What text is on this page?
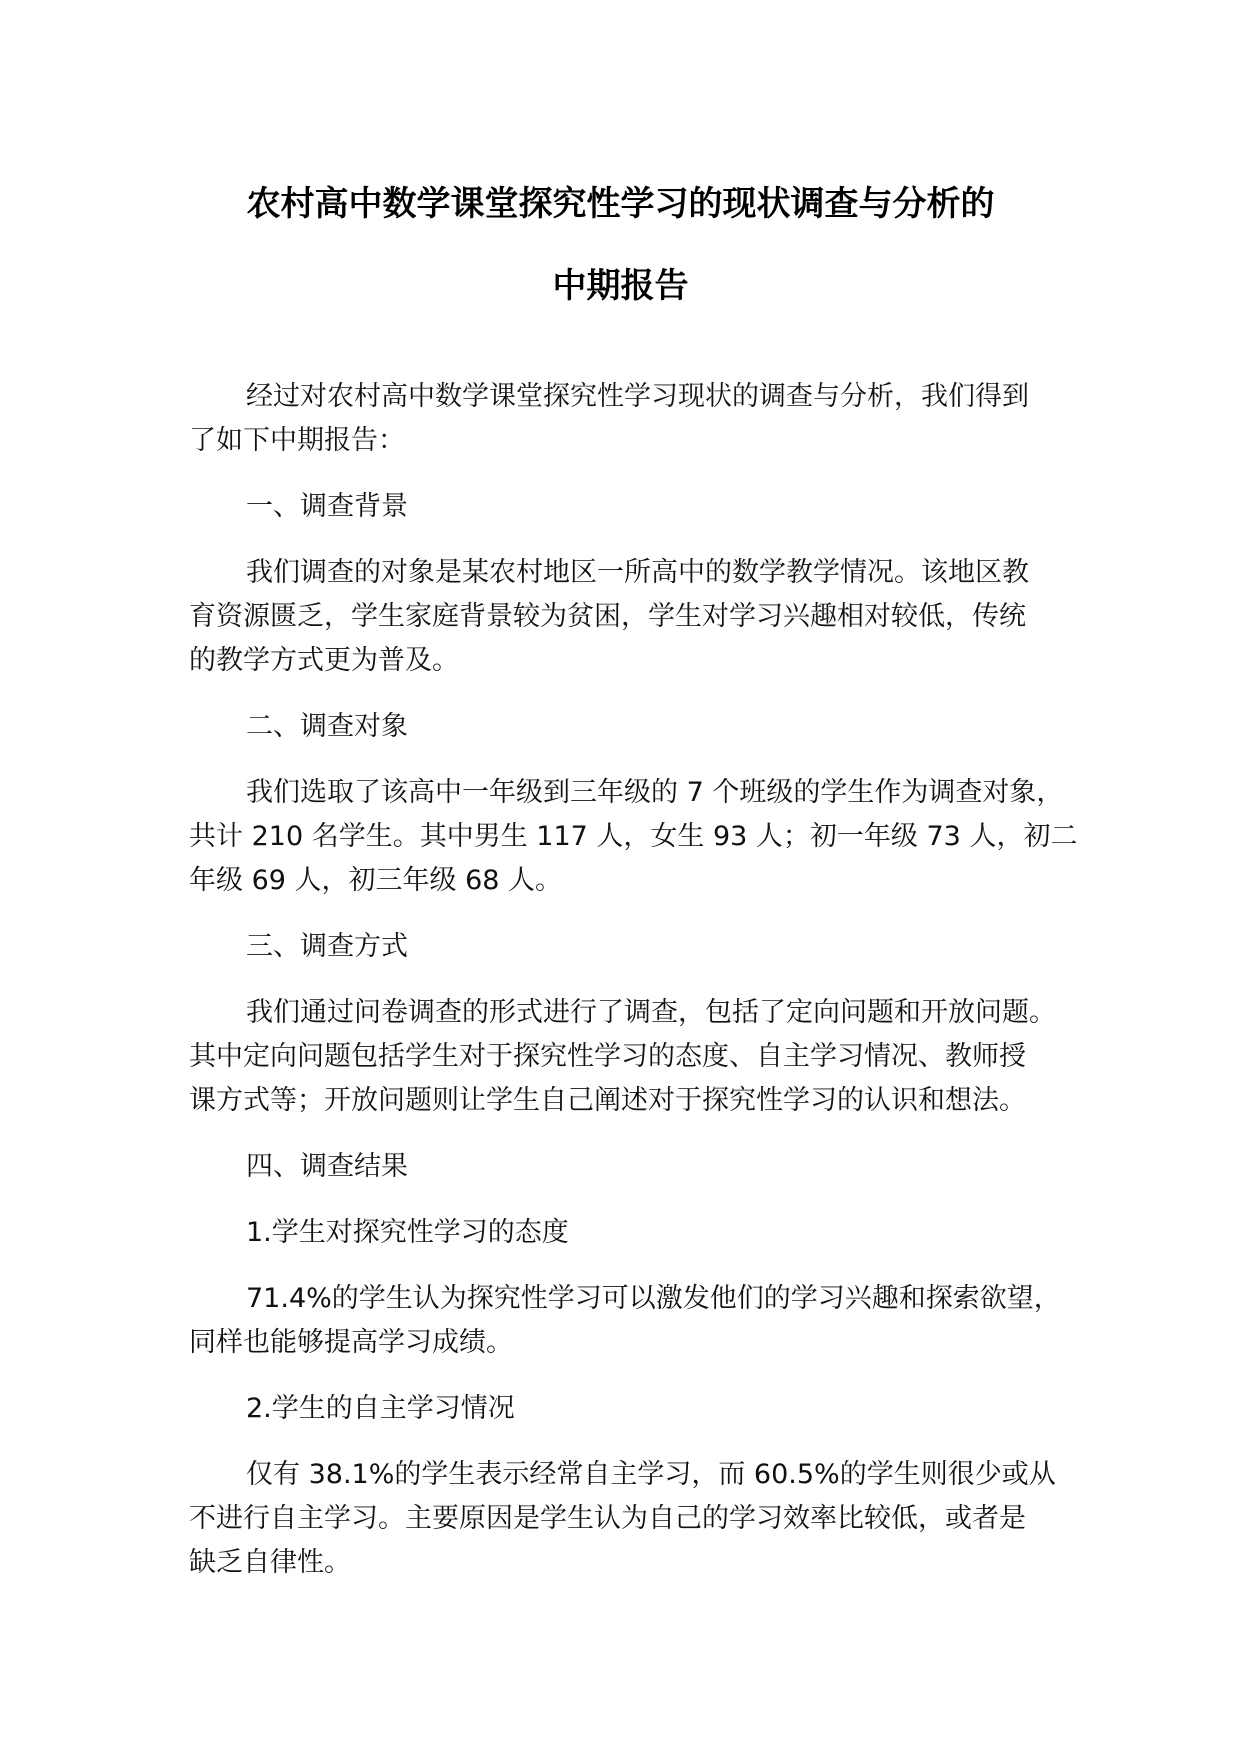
农村高中数学课堂探究性学习的现状调查与分析的
中期报告

经过对农村高中数学课堂探究性学习现状的调查与分析，我们得到
了如下中期报告：

一、调查背景

我们调查的对象是某农村地区一所高中的数学教学情况。该地区教
育资源匮乏，学生家庭背景较为贫困，学生对学习兴趣相对较低，传统
的教学方式更为普及。

二、调查对象

我们选取了该高中一年级到三年级的 7 个班级的学生作为调查对象，
共计 210 名学生。其中男生 117 人，女生 93 人；初一年级 73 人，初二
年级 69 人，初三年级 68 人。

三、调查方式

我们通过问卷调查的形式进行了调查，包括了定向问题和开放问题。
其中定向问题包括学生对于探究性学习的态度、自主学习情况、教师授
课方式等；开放问题则让学生自己阐述对于探究性学习的认识和想法。

四、调查结果

1.学生对探究性学习的态度

71.4%的学生认为探究性学习可以激发他们的学习兴趣和探索欲望，
同样也能够提高学习成绩。

2.学生的自主学习情况

仅有 38.1%的学生表示经常自主学习，而 60.5%的学生则很少或从
不进行自主学习。主要原因是学生认为自己的学习效率比较低，或者是
缺乏自律性。
